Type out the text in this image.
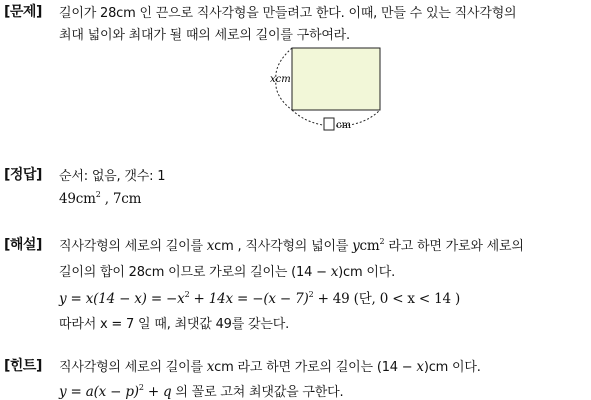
[문제] 길이가 28cm 인 끈으로 직사각형을 만들려고 한다. 이때, 만들 수 있는 직사각형의
최대 넓이와 최대가 될 때의 세로의 길이를 구하여라.
xcm
cm
[정답] 순서: 없음, 갯수: 1
$49cm^2$ , 7cm
[해설] 직사각형의 세로의 길이를 xcm , 직사각형의 넓이를 ycm$^2$ 라고 하면 가로와 세로의
길이의 합이 28cm 이므로 가로의 길이는 (14 − x)cm 이다.
$y = x(14 - x) = -x^2 + 14x = -(x - 7)^2 + 49$ (단, 0 < x < 14 )
따라서 x = 7 일 때, 최댓값 49를 갖는다.
[힌트] 직사각형의 세로의 길이를 xcm 라고 하면 가로의 길이는 (14 − x)cm 이다.
$y = a(x - p)^2 + q$ 의 꼴로 고쳐 최댓값을 구한다.
